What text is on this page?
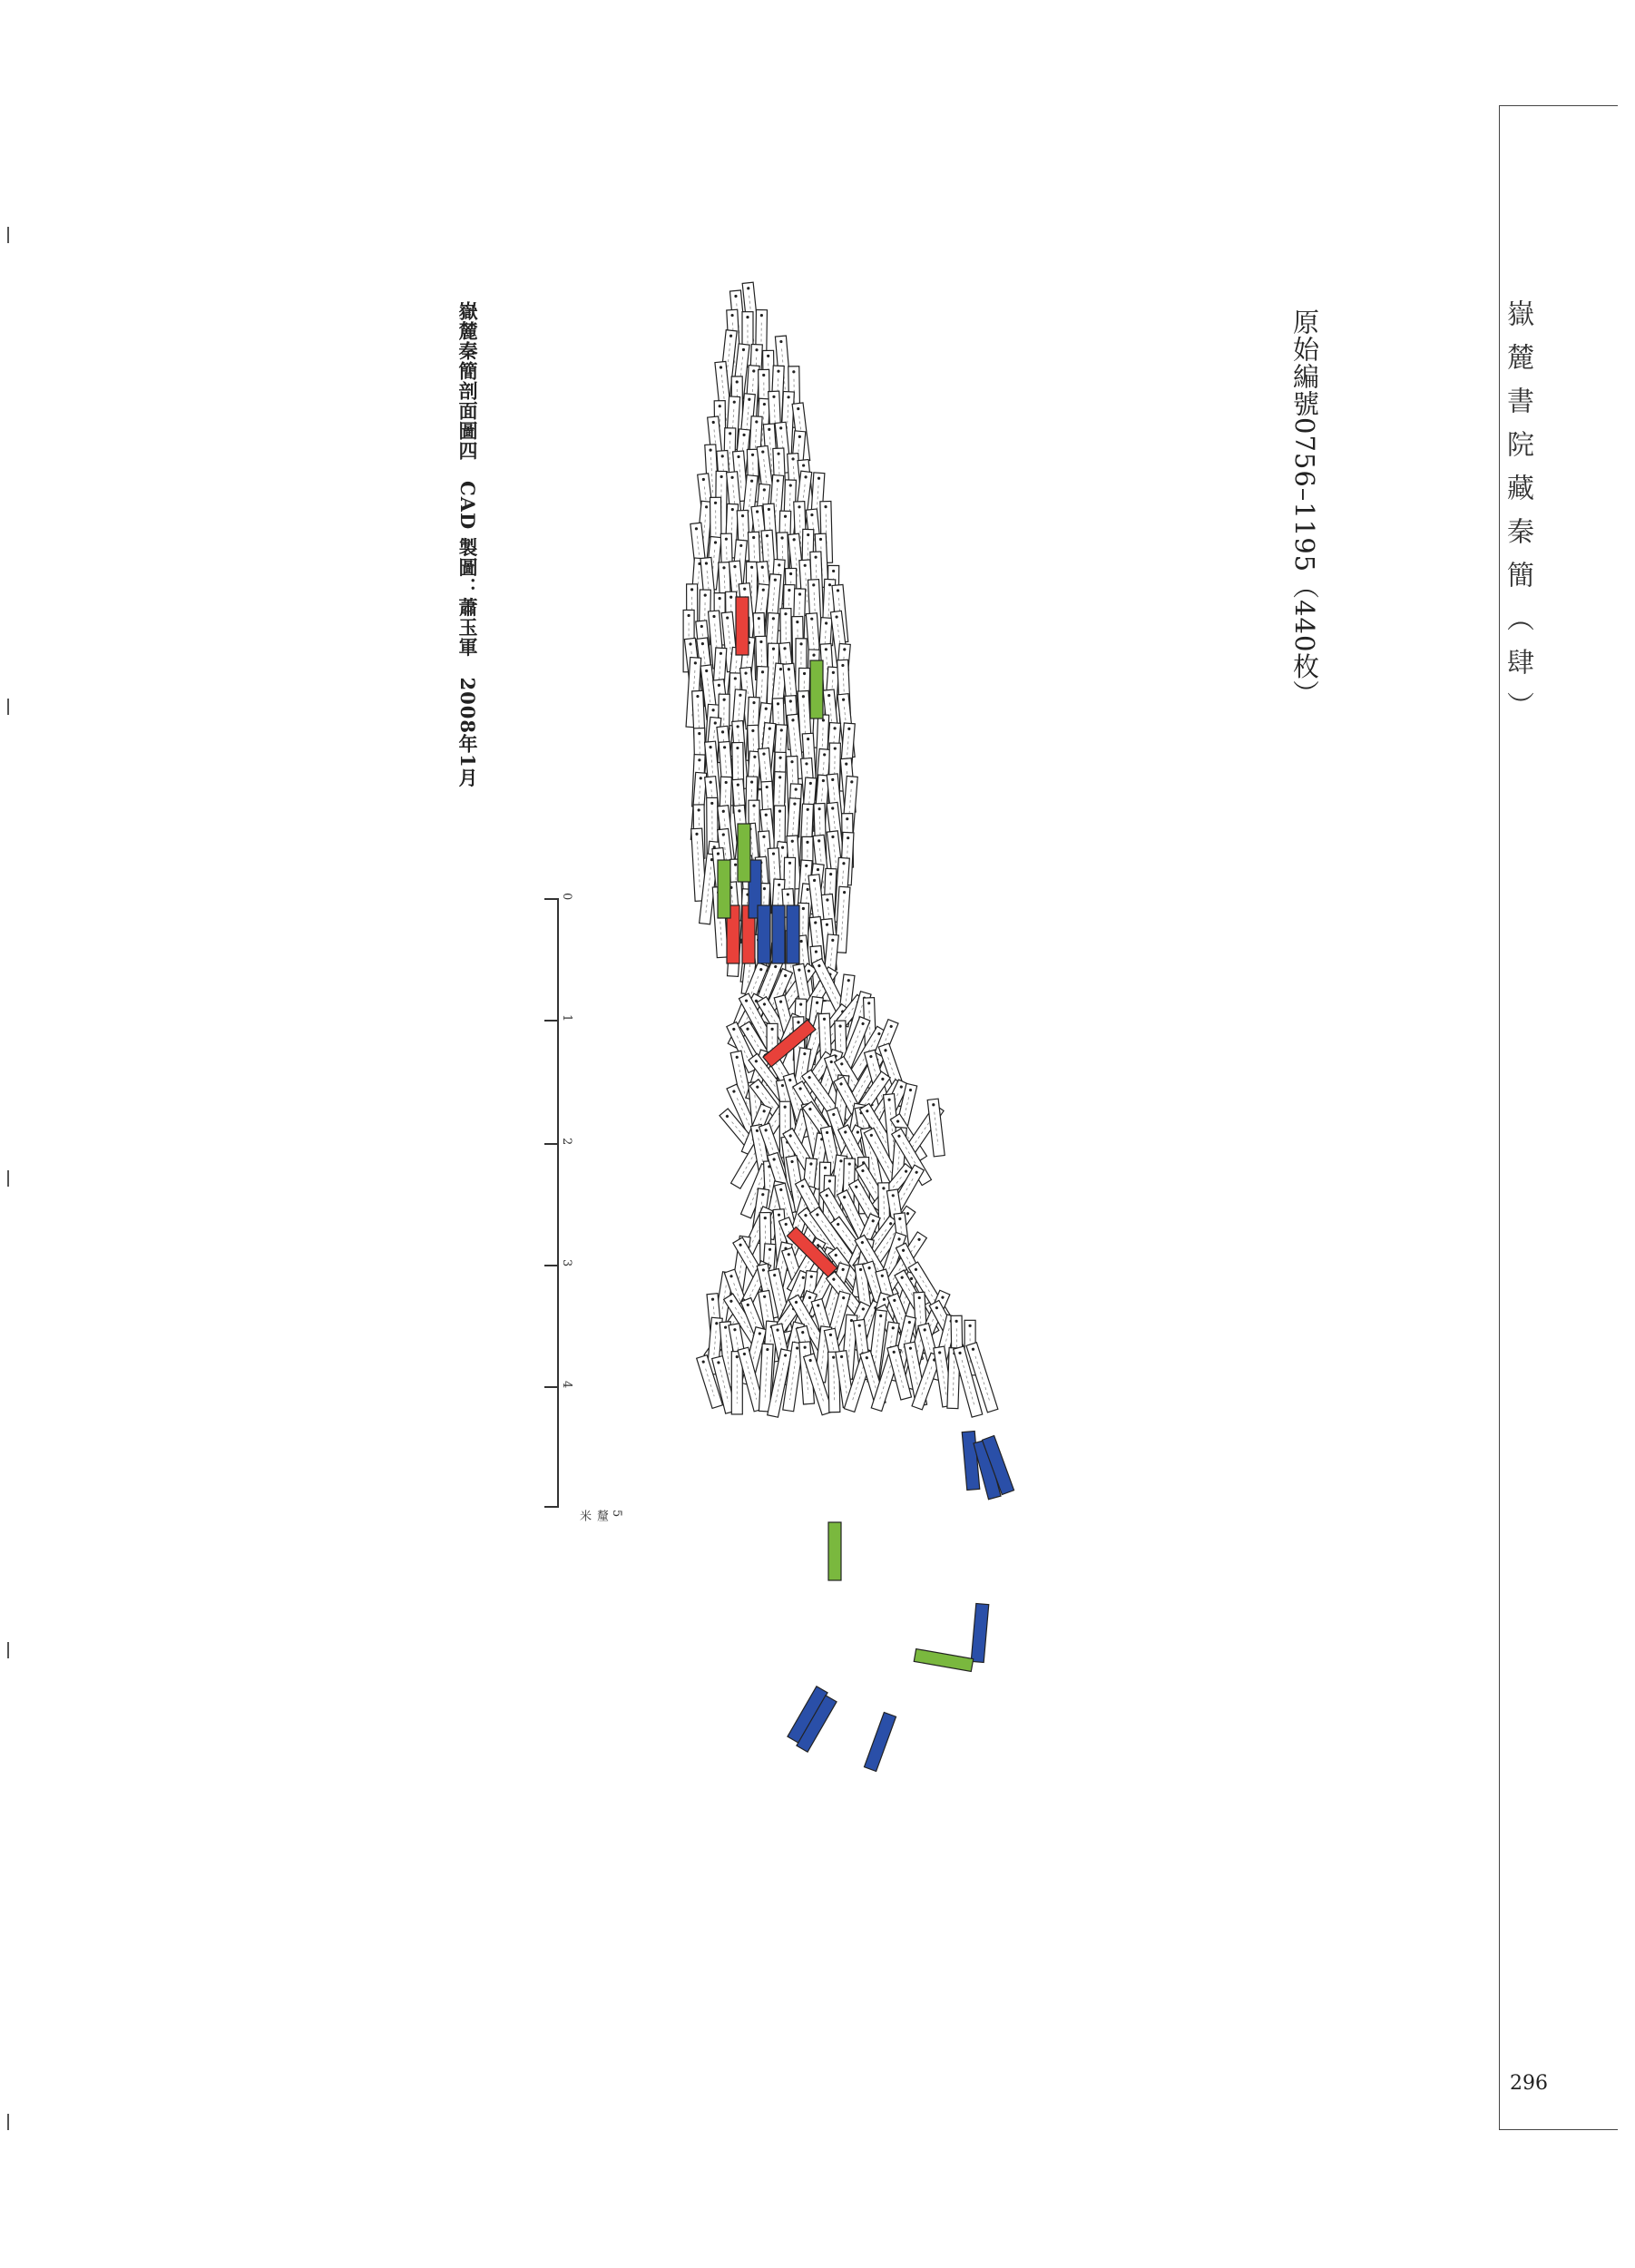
嶽麓書院藏秦簡（肆）
296
原始編號0756–1195（440枚）
嶽麓秦簡剖面圖四　CAD 製圖：蕭玉軍　2008年1月
0
1
2
3
4
5釐米
